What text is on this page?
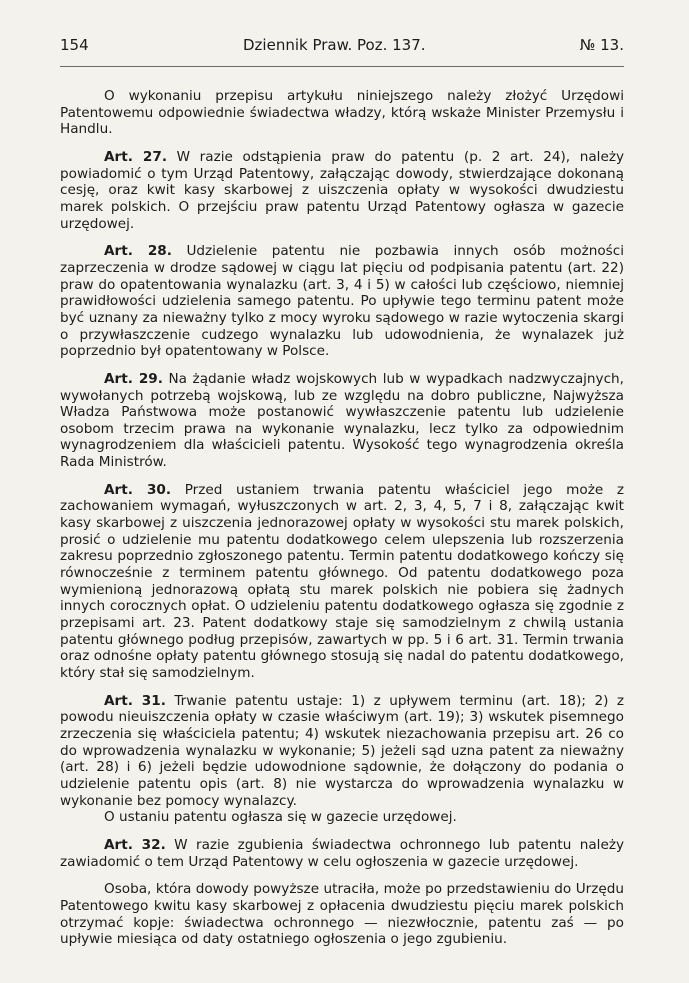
154	Dziennik Praw. Poz. 137.	№ 13.

O wykonaniu przepisu artykułu niniejszego należy złożyć Urzędowi Patentowemu odpowiednie świadectwa władzy, którą wskaże Minister Przemysłu i Handlu.

Art. 27. W razie odstąpienia praw do patentu (p. 2 art. 24), należy powiadomić o tym Urząd Patentowy, załączając dowody, stwierdzające dokonaną cesję, oraz kwit kasy skarbowej z uiszczenia opłaty w wysokości dwudziestu marek polskich. O przejściu praw patentu Urząd Patentowy ogłasza w gazecie urzędowej.

Art. 28. Udzielenie patentu nie pozbawia innych osób możności zaprzeczenia w drodze sądowej w ciągu lat pięciu od podpisania patentu (art. 22) praw do opatentowania wynalazku (art. 3, 4 i 5) w całości lub częściowo, niemniej prawidłowości udzielenia samego patentu. Po upływie tego terminu patent może być uznany za nieważny tylko z mocy wyroku sądowego w razie wytoczenia skargi o przywłaszczenie cudzego wynalazku lub udowodnienia, że wynalazek już poprzednio był opatentowany w Polsce.

Art. 29. Na żądanie władz wojskowych lub w wypadkach nadzwyczajnych, wywołanych potrzebą wojskową, lub ze względu na dobro publiczne, Najwyższa Władza Państwowa może postanowić wywłaszczenie patentu lub udzielenie osobom trzecim prawa na wykonanie wynalazku, lecz tylko za odpowiednim wynagrodzeniem dla właścicieli patentu. Wysokość tego wynagrodzenia określa Rada Ministrów.

Art. 30. Przed ustaniem trwania patentu właściciel jego może z zachowaniem wymagań, wyłuszczonych w art. 2, 3, 4, 5, 7 i 8, załączając kwit kasy skarbowej z uiszczenia jednorazowej opłaty w wysokości stu marek polskich, prosić o udzielenie mu patentu dodatkowego celem ulepszenia lub rozszerzenia zakresu poprzednio zgłoszonego patentu. Termin patentu dodatkowego kończy się równocześnie z terminem patentu głównego. Od patentu dodatkowego poza wymienioną jednorazową opłatą stu marek polskich nie pobiera się żadnych innych corocznych opłat. O udzieleniu patentu dodatkowego ogłasza się zgodnie z przepisami art. 23. Patent dodatkowy staje się samodzielnym z chwilą ustania patentu głównego podług przepisów, zawartych w pp. 5 i 6 art. 31. Termin trwania oraz odnośne opłaty patentu głównego stosują się nadal do patentu dodatkowego, który stał się samodzielnym.

Art. 31. Trwanie patentu ustaje: 1) z upływem terminu (art. 18); 2) z powodu nieuiszczenia opłaty w czasie właściwym (art. 19); 3) wskutek pisemnego zrzeczenia się właściciela patentu; 4) wskutek niezachowania przepisu art. 26 co do wprowadzenia wynalazku w wykonanie; 5) jeżeli sąd uzna patent za nieważny (art. 28) i 6) jeżeli będzie udowodnione sądownie, że dołączony do podania o udzielenie patentu opis (art. 8) nie wystarcza do wprowadzenia wynalazku w wykonanie bez pomocy wynalazcy.

O ustaniu patentu ogłasza się w gazecie urzędowej.

Art. 32. W razie zgubienia świadectwa ochronnego lub patentu należy zawiadomić o tem Urząd Patentowy w celu ogłoszenia w gazecie urzędowej.

Osoba, która dowody powyższe utraciła, może po przedstawieniu do Urzędu Patentowego kwitu kasy skarbowej z opłacenia dwudziestu pięciu marek polskich otrzymać kopje: świadectwa ochronnego — niezwłocznie, patentu zaś — po upływie miesiąca od daty ostatniego ogłoszenia o jego zgubieniu.
